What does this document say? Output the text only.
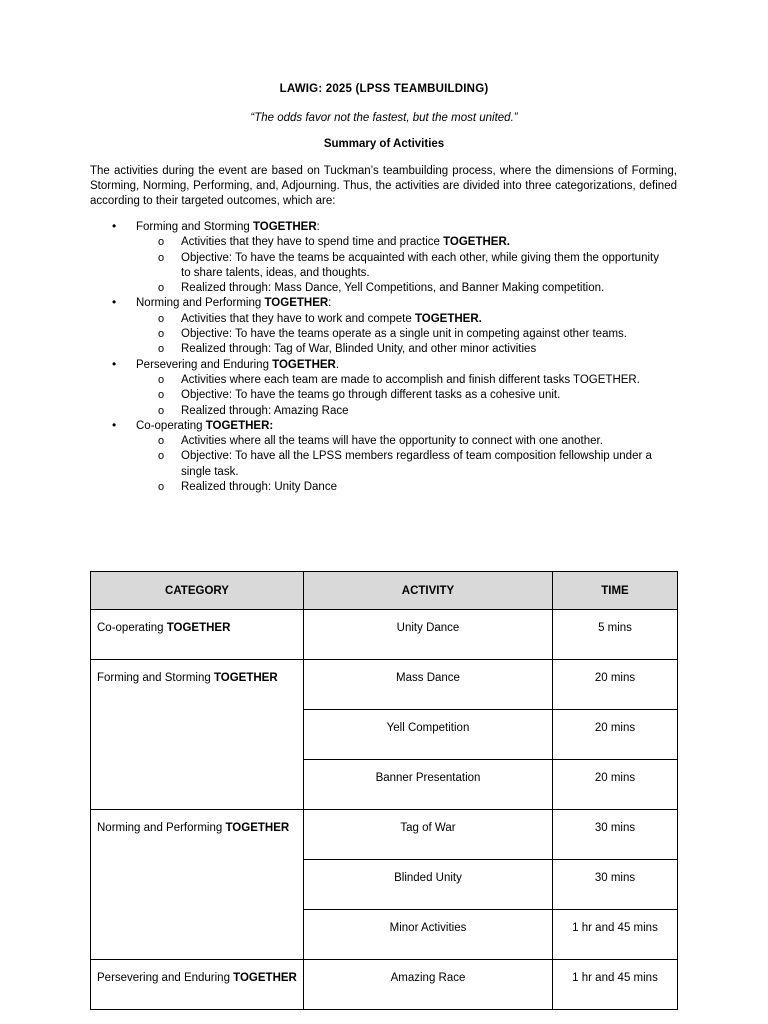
LAWIG: 2025 (LPSS TEAMBUILDING)
“The odds favor not the fastest, but the most united.”
Summary of Activities
The activities during the event are based on Tuckman’s teambuilding process, where the dimensions of Forming, Storming, Norming, Performing, and, Adjourning. Thus, the activities are divided into three categorizations, defined according to their targeted outcomes, which are:
• Forming and Storming TOGETHER:
o Activities that they have to spend time and practice TOGETHER.
o Objective: To have the teams be acquainted with each other, while giving them the opportunity to share talents, ideas, and thoughts.
o Realized through: Mass Dance, Yell Competitions, and Banner Making competition.
• Norming and Performing TOGETHER:
o Activities that they have to work and compete TOGETHER.
o Objective: To have the teams operate as a single unit in competing against other teams.
o Realized through: Tag of War, Blinded Unity, and other minor activities
• Persevering and Enduring TOGETHER.
o Activities where each team are made to accomplish and finish different tasks TOGETHER.
o Objective: To have the teams go through different tasks as a cohesive unit.
o Realized through: Amazing Race
• Co-operating TOGETHER:
o Activities where all the teams will have the opportunity to connect with one another.
o Objective: To have all the LPSS members regardless of team composition fellowship under a single task.
o Realized through: Unity Dance
CATEGORY	ACTIVITY	TIME
Co-operating TOGETHER	Unity Dance	5 mins
Forming and Storming TOGETHER	Mass Dance	20 mins
	Yell Competition	20 mins
	Banner Presentation	20 mins
Norming and Performing TOGETHER	Tag of War	30 mins
	Blinded Unity	30 mins
	Minor Activities	1 hr and 45 mins
Persevering and Enduring TOGETHER	Amazing Race	1 hr and 45 mins
